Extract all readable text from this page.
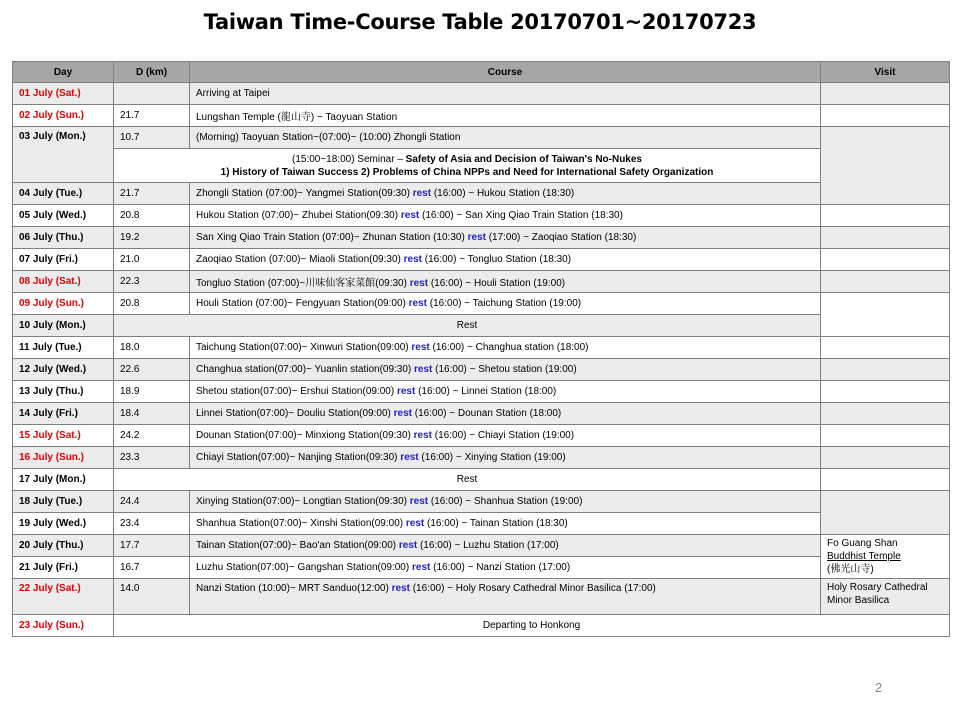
Taiwan Time-Course Table 20170701~20170723
Day	D (km)	Course	Visit
01 July (Sat.)		Arriving at Taipei	
02 July (Sun.)	21.7	Lungshan Temple (龍山寺) ~ Taoyuan Station	
03 July (Mon.)	10.7	(Morning) Taoyuan Station~(07:00)~ (10:00) Zhongli Station	
	(15:00~18:00) Seminar – Safety of Asia and Decision of Taiwan's No-Nukes
1) History of Taiwan Success 2) Problems of China NPPs and Need for International Safety Organization		
04 July (Tue.)	21.7	Zhongli Station (07:00)~ Yangmei Station(09:30) rest (16:00) ~ Hukou Station (18:30)	
05 July (Wed.)	20.8	Hukou Station (07:00)~ Zhubei Station(09:30) rest (16:00) ~ San Xing Qiao Train Station (18:30)	
06 July (Thu.)	19.2	San Xing Qiao Train Station (07:00)~ Zhunan Station (10:30) rest (17:00) ~ Zaoqiao Station (18:30)	
07 July (Fri.)	21.0	Zaoqiao Station (07:00)~ Miaoli Station(09:30) rest (16:00) ~ Tongluo Station (18:30)	
08 July (Sat.)	22.3	Tongluo Station (07:00)~川味仙客家菜館(09:30) rest (16:00) ~ Houli Station (19:00)	
09 July (Sun.)	20.8	Houli Station (07:00)~ Fengyuan Station(09:00) rest (16:00) ~ Taichung Station (19:00)	
10 July (Mon.)	Rest		
11 July (Tue.)	18.0	Taichung Station(07:00)~ Xinwuri Station(09:00) rest (16:00) ~ Changhua station (18:00)	
12 July (Wed.)	22.6	Changhua station(07:00)~ Yuanlin station(09:30) rest (16:00) ~ Shetou station (19:00)	
13 July (Thu.)	18.9	Shetou station(07:00)~ Ershui Station(09:00) rest (16:00) ~ Linnei Station (18:00)	
14 July (Fri.)	18.4	Linnei Station(07:00)~ Douliu Station(09:00) rest (16:00) ~ Dounan Station (18:00)	
15 July (Sat.)	24.2	Dounan Station(07:00)~ Minxiong Station(09:30) rest (16:00) ~ Chiayi Station (19:00)	
16 July (Sun.)	23.3	Chiayi Station(07:00)~ Nanjing Station(09:30) rest (16:00) ~ Xinying Station (19:00)	
17 July (Mon.)	Rest		
18 July (Tue.)	24.4	Xinying Station(07:00)~ Longtian Station(09:30) rest (16:00) ~ Shanhua Station (19:00)	
19 July (Wed.)	23.4	Shanhua Station(07:00)~ Xinshi Station(09:00) rest (16:00) ~ Tainan Station (18:30)	
20 July (Thu.)	17.7	Tainan Station(07:00)~ Bao'an Station(09:00) rest (16:00) ~ Luzhu Station (17:00)	Fo Guang Shan
Buddhist Temple
(佛光山寺)

21 July (Fri.)	16.7	Luzhu Station(07:00)~ Gangshan Station(09:00) rest (16:00) ~ Nanzi Station (17:00)	
22 July (Sat.)	14.0	Nanzi Station (10:00)~ MRT Sanduo(12:00) rest (16:00) ~ Holy Rosary Cathedral Minor Basilica (17:00)	Holy Rosary Cathedral
Minor Basilica

23 July (Sun.)	Departing to Honkong		
2
